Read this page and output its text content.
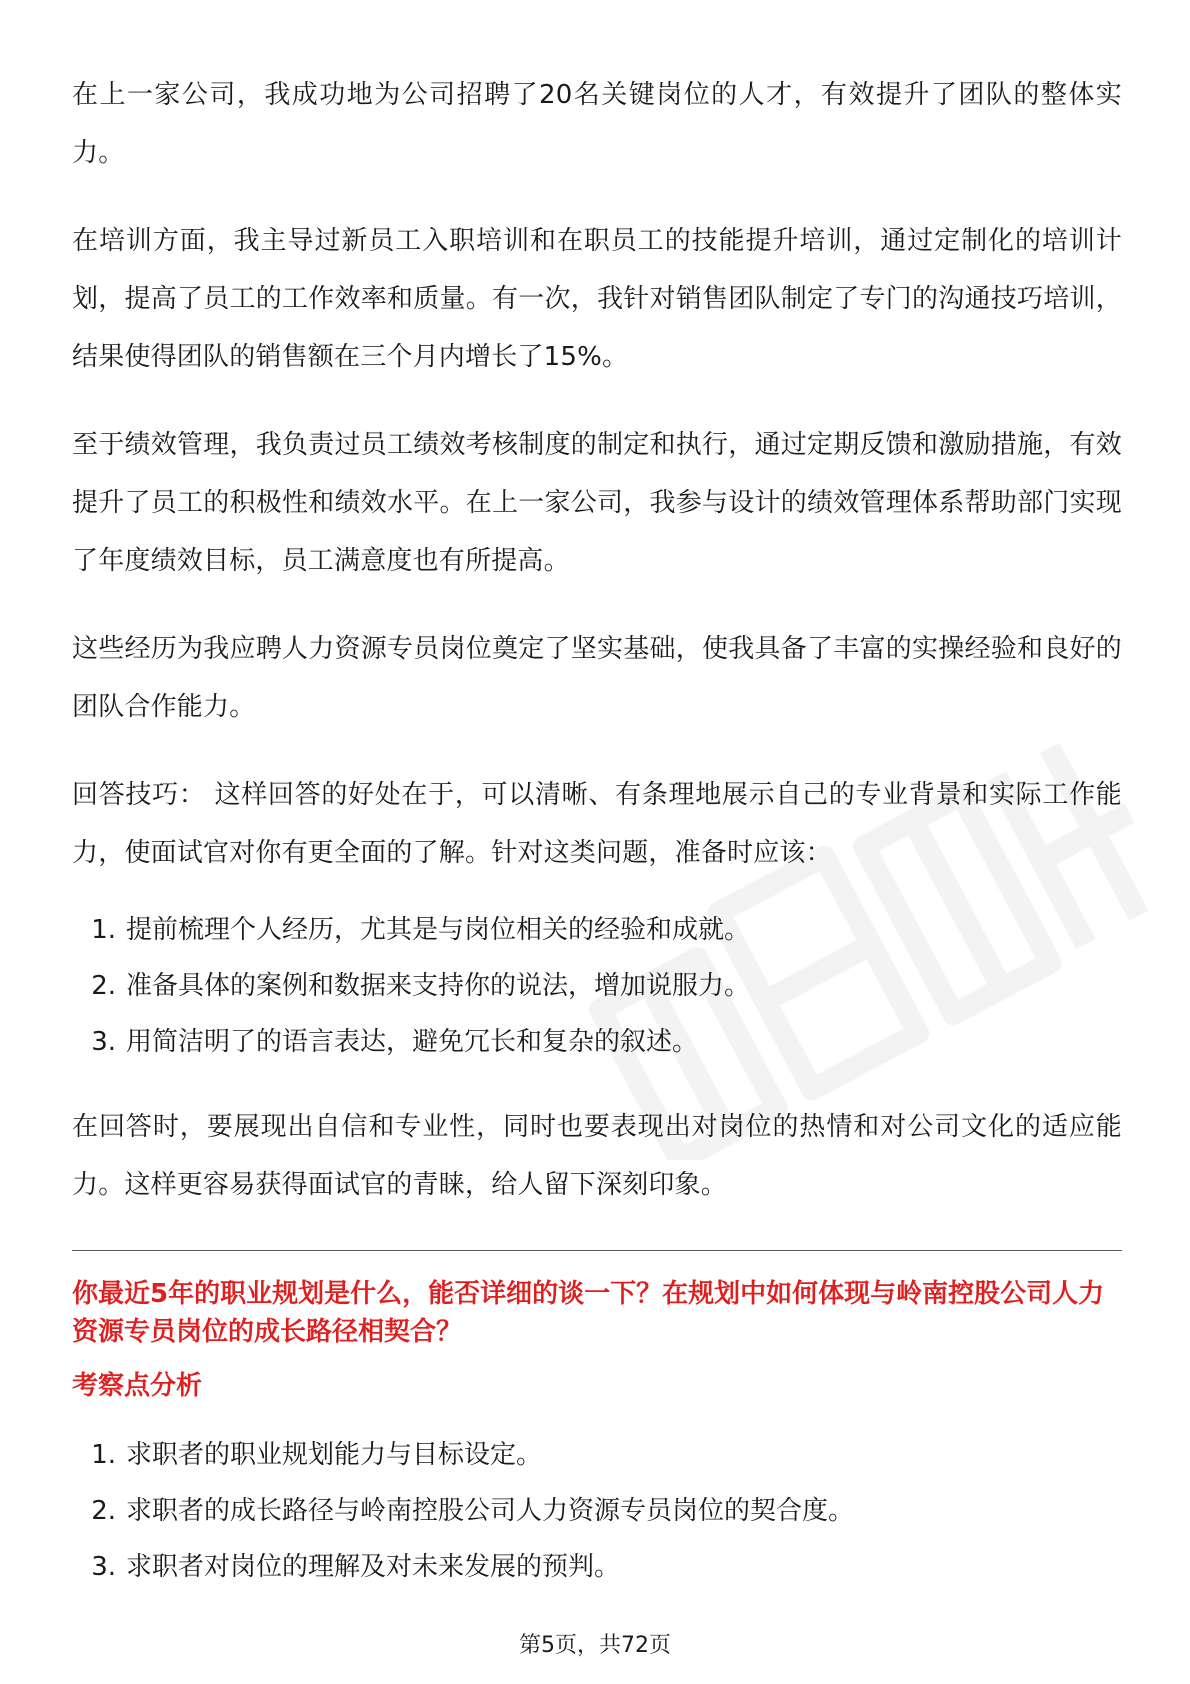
在上一家公司，我成功地为公司招聘了20名关键岗位的人才，有效提升了团队的整体实力。

在培训方面，我主导过新员工入职培训和在职员工的技能提升培训，通过定制化的培训计划，提高了员工的工作效率和质量。有一次，我针对销售团队制定了专门的沟通技巧培训，结果使得团队的销售额在三个月内增长了15%。

至于绩效管理，我负责过员工绩效考核制度的制定和执行，通过定期反馈和激励措施，有效提升了员工的积极性和绩效水平。在上一家公司，我参与设计的绩效管理体系帮助部门实现了年度绩效目标，员工满意度也有所提高。

这些经历为我应聘人力资源专员岗位奠定了坚实基础，使我具备了丰富的实操经验和良好的团队合作能力。

回答技巧： 这样回答的好处在于，可以清晰、有条理地展示自己的专业背景和实际工作能力，使面试官对你有更全面的了解。针对这类问题，准备时应该：

1. 提前梳理个人经历，尤其是与岗位相关的经验和成就。
2. 准备具体的案例和数据来支持你的说法，增加说服力。
3. 用简洁明了的语言表达，避免冗长和复杂的叙述。

在回答时，要展现出自信和专业性，同时也要表现出对岗位的热情和对公司文化的适应能力。这样更容易获得面试官的青睐，给人留下深刻印象。

你最近5年的职业规划是什么，能否详细的谈一下？在规划中如何体现与岭南控股公司人力资源专员岗位的成长路径相契合？

考察点分析

1. 求职者的职业规划能力与目标设定。
2. 求职者的成长路径与岭南控股公司人力资源专员岗位的契合度。
3. 求职者对岗位的理解及对未来发展的预判。
第5页，共72页
